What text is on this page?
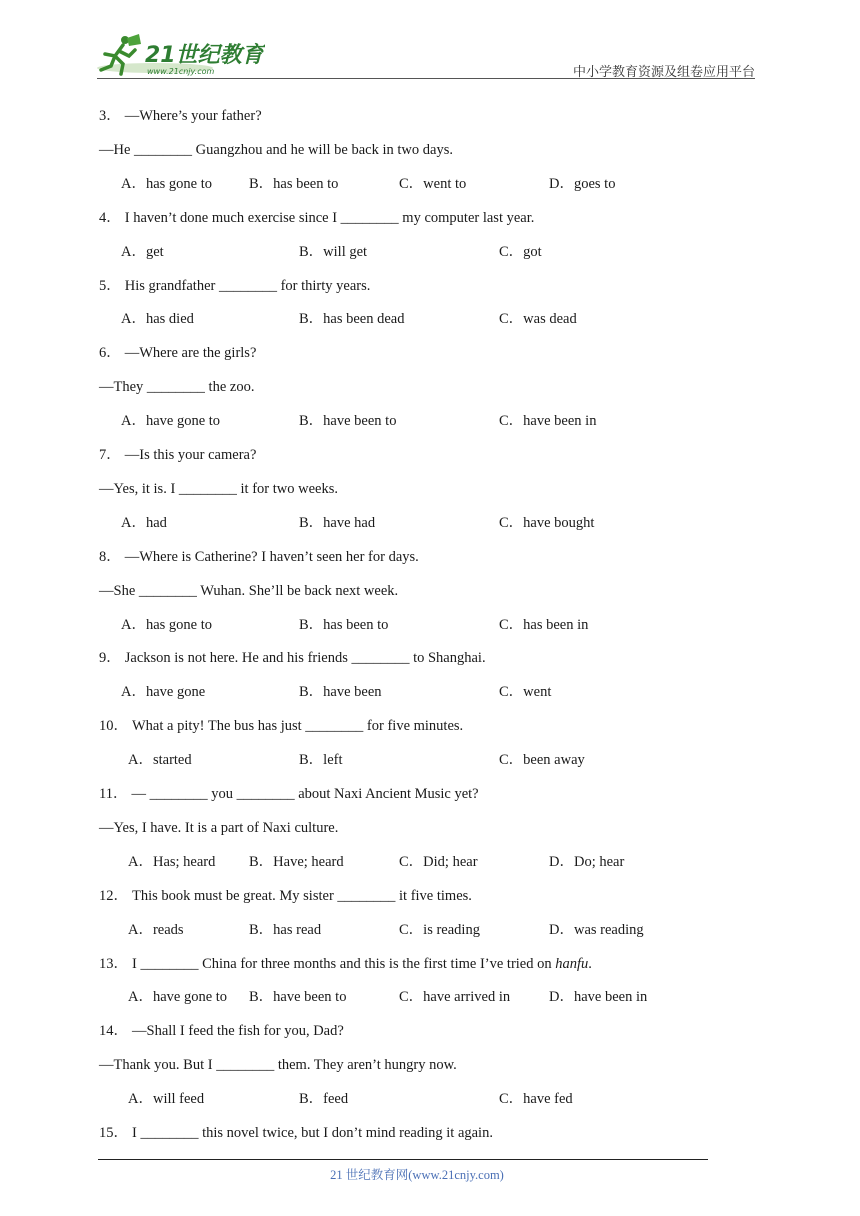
21世纪教育
www.21cnjy.com	中小学教育资源及组卷应用平台
3． —Where’s your father?
—He ________ Guangzhou and he will be back in two days.
A．has gone to	B．has been to	C．went to	D．goes to
4． I haven’t done much exercise since I ________ my computer last year.
A．get	B．will get	C．got
5． His grandfather ________ for thirty years.
A．has died	B．has been dead	C．was dead
6． —Where are the girls?
—They ________ the zoo.
A．have gone to	B．have been to	C．have been in
7． —Is this your camera?
—Yes, it is. I ________ it for two weeks.
A．had	B．have had	C．have bought
8． —Where is Catherine? I haven’t seen her for days.
—She ________ Wuhan. She’ll be back next week.
A．has gone to	B．has been to	C．has been in
9． Jackson is not here. He and his friends ________ to Shanghai.
A．have gone	B．have been	C．went
10． What a pity! The bus has just ________ for five minutes.
A．started	B．left	C．been away
11． — ________ you ________ about Naxi Ancient Music yet?
—Yes, I have. It is a part of Naxi culture.
A．Has; heard B．Have; heard	C．Did; hear	D．Do; hear
12． This book must be great. My sister ________ it five times.
A．reads	B．has read	C．is reading	D．was reading
13． I ________ China for three months and this is the first time I’ve tried on hanfu.
A．have gone to B．have been to	C．have arrived in	D．have been in
14． —Shall I feed the fish for you, Dad?
—Thank you. But I ________ them. They aren’t hungry now.
A．will feed	B．feed	C．have fed
15． I ________ this novel twice, but I don’t mind reading it again.
21 世纪教育网(www.21cnjy.com)
